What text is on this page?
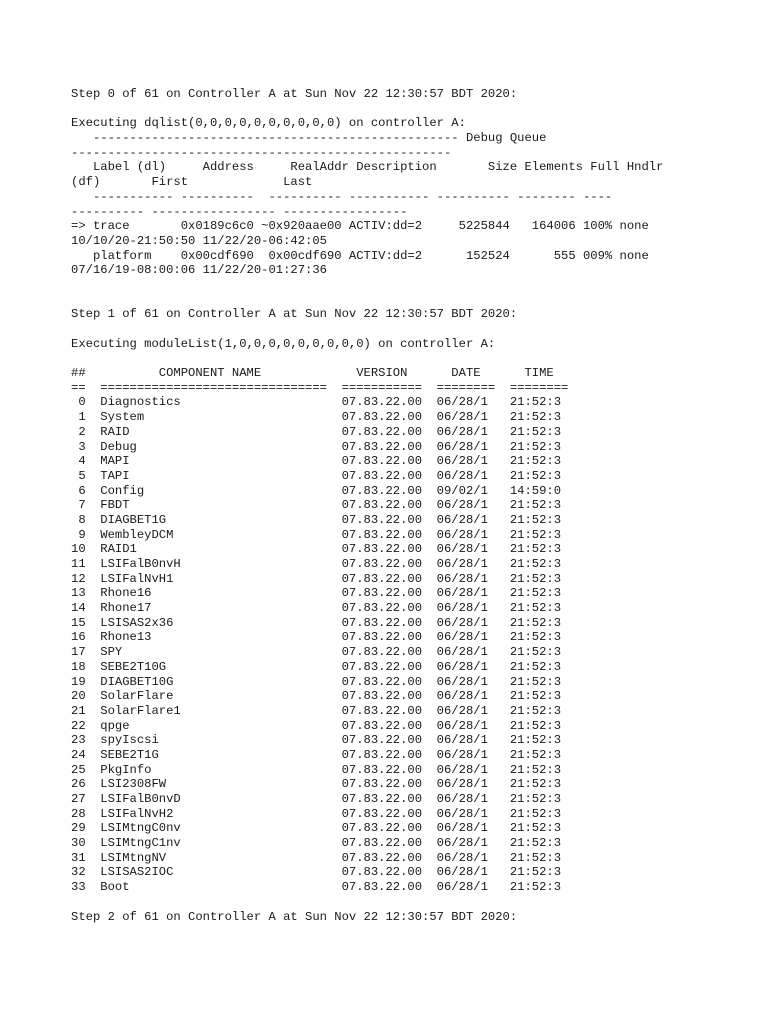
Step 0 of 61 on Controller A at Sun Nov 22 12:30:57 BDT 2020:
Executing dqlist(0,0,0,0,0,0,0,0,0,0) on controller A:
-------------------------------------------------- Debug Queue
----------------------------------------------------
Label (dl)     Address     RealAddr Description       Size Elements Full Hndlr
(df)       First             Last
----------- ----------  ---------- ----------- ---------- -------- ----
---------- ----------------- -----------------
=> trace       0x0189c6c0 ~0x920aae00 ACTIV:dd=2     5225844   164006 100% none
10/10/20-21:50:50 11/22/20-06:42:05
platform    0x00cdf690  0x00cdf690 ACTIV:dd=2      152524      555 009% none
07/16/19-08:00:06 11/22/20-01:27:36
Step 1 of 61 on Controller A at Sun Nov 22 12:30:57 BDT 2020:
Executing moduleList(1,0,0,0,0,0,0,0,0,0) on controller A:
##          COMPONENT NAME             VERSION      DATE      TIME
==  ===============================  ===========  ========  ========
0  Diagnostics                      07.83.22.00  06/28/1   21:52:3
1  System                           07.83.22.00  06/28/1   21:52:3
2  RAID                             07.83.22.00  06/28/1   21:52:3
3  Debug                            07.83.22.00  06/28/1   21:52:3
4  MAPI                             07.83.22.00  06/28/1   21:52:3
5  TAPI                             07.83.22.00  06/28/1   21:52:3
6  Config                           07.83.22.00  09/02/1   14:59:0
7  FBDT                             07.83.22.00  06/28/1   21:52:3
8  DIAGBET1G                        07.83.22.00  06/28/1   21:52:3
9  WembleyDCM                       07.83.22.00  06/28/1   21:52:3
10  RAID1                            07.83.22.00  06/28/1   21:52:3
11  LSIFalB0nvH                      07.83.22.00  06/28/1   21:52:3
12  LSIFalNvH1                       07.83.22.00  06/28/1   21:52:3
13  Rhone16                          07.83.22.00  06/28/1   21:52:3
14  Rhone17                          07.83.22.00  06/28/1   21:52:3
15  LSISAS2x36                       07.83.22.00  06/28/1   21:52:3
16  Rhone13                          07.83.22.00  06/28/1   21:52:3
17  SPY                              07.83.22.00  06/28/1   21:52:3
18  SEBE2T10G                        07.83.22.00  06/28/1   21:52:3
19  DIAGBET10G                       07.83.22.00  06/28/1   21:52:3
20  SolarFlare                       07.83.22.00  06/28/1   21:52:3
21  SolarFlare1                      07.83.22.00  06/28/1   21:52:3
22  qpge                             07.83.22.00  06/28/1   21:52:3
23  spyIscsi                         07.83.22.00  06/28/1   21:52:3
24  SEBE2T1G                         07.83.22.00  06/28/1   21:52:3
25  PkgInfo                          07.83.22.00  06/28/1   21:52:3
26  LSI2308FW                        07.83.22.00  06/28/1   21:52:3
27  LSIFalB0nvD                      07.83.22.00  06/28/1   21:52:3
28  LSIFalNvH2                       07.83.22.00  06/28/1   21:52:3
29  LSIMtngC0nv                      07.83.22.00  06/28/1   21:52:3
30  LSIMtngC1nv                      07.83.22.00  06/28/1   21:52:3
31  LSIMtngNV                        07.83.22.00  06/28/1   21:52:3
32  LSISAS2IOC                       07.83.22.00  06/28/1   21:52:3
33  Boot                             07.83.22.00  06/28/1   21:52:3
Step 2 of 61 on Controller A at Sun Nov 22 12:30:57 BDT 2020:
